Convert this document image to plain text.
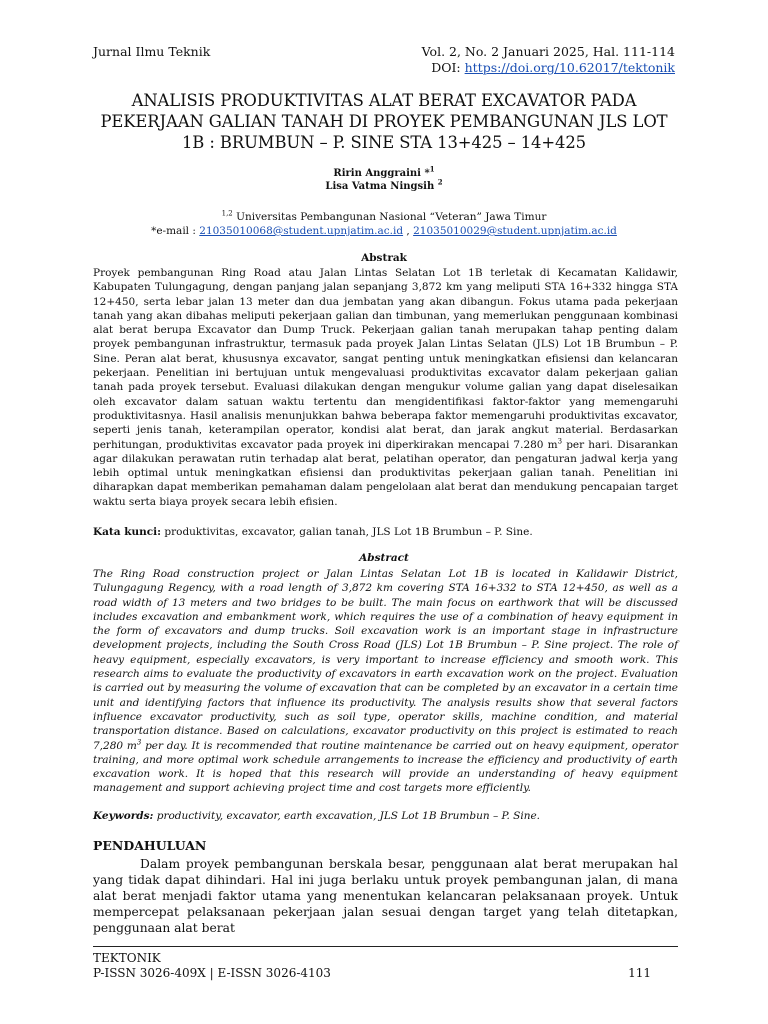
Jurnal Ilmu Teknik	Vol. 2, No. 2 Januari 2025, Hal. 111-114
DOI: https://doi.org/10.62017/tektonik
ANALISIS PRODUKTIVITAS ALAT BERAT EXCAVATOR PADA PEKERJAAN GALIAN TANAH DI PROYEK PEMBANGUNAN JLS LOT 1B : BRUMBUN – P. SINE STA 13+425 – 14+425
Ririn Anggraini *$^1$
Lisa Vatma Ningsih $^2$
$^{1,2}$ Universitas Pembangunan Nasional “Veteran” Jawa Timur
*e-mail : 21035010068@student.upnjatim.ac.id , 21035010029@student.upnjatim.ac.id
Abstrak
Proyek pembangunan Ring Road atau Jalan Lintas Selatan Lot 1B terletak di Kecamatan Kalidawir, Kabupaten Tulungagung, dengan panjang jalan sepanjang 3,872 km yang meliputi STA 16+332 hingga STA 12+450, serta lebar jalan 13 meter dan dua jembatan yang akan dibangun. Fokus utama pada pekerjaan tanah yang akan dibahas meliputi pekerjaan galian dan timbunan, yang memerlukan penggunaan kombinasi alat berat berupa Excavator dan Dump Truck. Pekerjaan galian tanah merupakan tahap penting dalam proyek pembangunan infrastruktur, termasuk pada proyek Jalan Lintas Selatan (JLS) Lot 1B Brumbun – P. Sine. Peran alat berat, khususnya excavator, sangat penting untuk meningkatkan efisiensi dan kelancaran pekerjaan. Penelitian ini bertujuan untuk mengevaluasi produktivitas excavator dalam pekerjaan galian tanah pada proyek tersebut. Evaluasi dilakukan dengan mengukur volume galian yang dapat diselesaikan oleh excavator dalam satuan waktu tertentu dan mengidentifikasi faktor-faktor yang memengaruhi produktivitasnya. Hasil analisis menunjukkan bahwa beberapa faktor memengaruhi produktivitas excavator, seperti jenis tanah, keterampilan operator, kondisi alat berat, dan jarak angkut material. Berdasarkan perhitungan, produktivitas excavator pada proyek ini diperkirakan mencapai 7.280 $m^3$ per hari. Disarankan agar dilakukan perawatan rutin terhadap alat berat, pelatihan operator, dan pengaturan jadwal kerja yang lebih optimal untuk meningkatkan efisiensi dan produktivitas pekerjaan galian tanah. Penelitian ini diharapkan dapat memberikan pemahaman dalam pengelolaan alat berat dan mendukung pencapaian target waktu serta biaya proyek secara lebih efisien.
Kata kunci: produktivitas, excavator, galian tanah, JLS Lot 1B Brumbun – P. Sine.
Abstract
The Ring Road construction project or Jalan Lintas Selatan Lot 1B is located in Kalidawir District, Tulungagung Regency, with a road length of 3,872 km covering STA 16+332 to STA 12+450, as well as a road width of 13 meters and two bridges to be built. The main focus on earthwork that will be discussed includes excavation and embankment work, which requires the use of a combination of heavy equipment in the form of excavators and dump trucks. Soil excavation work is an important stage in infrastructure development projects, including the South Cross Road (JLS) Lot 1B Brumbun – P. Sine project. The role of heavy equipment, especially excavators, is very important to increase efficiency and smooth work. This research aims to evaluate the productivity of excavators in earth excavation work on the project. Evaluation is carried out by measuring the volume of excavation that can be completed by an excavator in a certain time unit and identifying factors that influence its productivity. The analysis results show that several factors influence excavator productivity, such as soil type, operator skills, machine condition, and material transportation distance. Based on calculations, excavator productivity on this project is estimated to reach 7,280 $m^3$ per day. It is recommended that routine maintenance be carried out on heavy equipment, operator training, and more optimal work schedule arrangements to increase the efficiency and productivity of earth excavation work. It is hoped that this research will provide an understanding of heavy equipment management and support achieving project time and cost targets more efficiently.
Keywords: productivity, excavator, earth excavation, JLS Lot 1B Brumbun – P. Sine.
PENDAHULUAN
Dalam proyek pembangunan berskala besar, penggunaan alat berat merupakan hal yang tidak dapat dihindari. Hal ini juga berlaku untuk proyek pembangunan jalan, di mana alat berat menjadi faktor utama yang menentukan kelancaran pelaksanaan proyek. Untuk mempercepat pelaksanaan pekerjaan jalan sesuai dengan target yang telah ditetapkan, penggunaan alat berat
TEKTONIK
P-ISSN 3026-409X | E-ISSN 3026-4103	111
